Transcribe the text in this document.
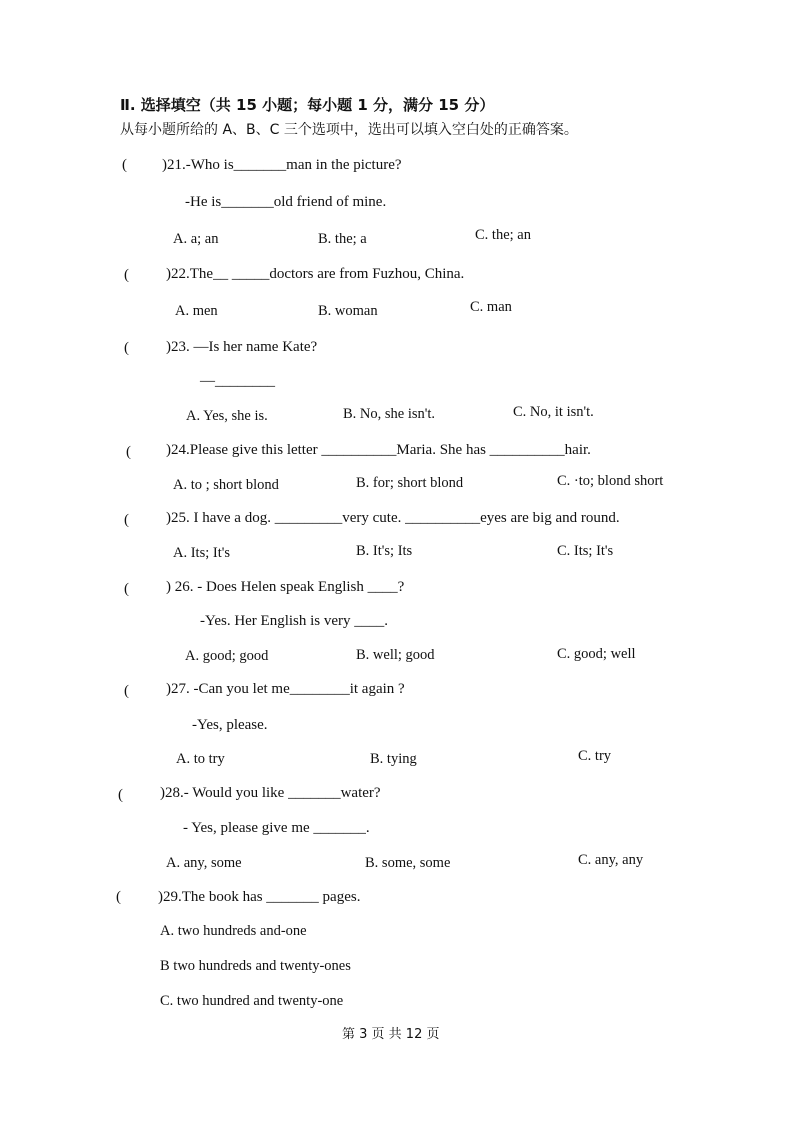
Ⅱ. 选择填空（共 15 小题；每小题 1 分，满分 15 分）
从每小题所给的 A、B、C 三个选项中，选出可以填入空白处的正确答案。
( )21.-Who is_______man in the picture?
-He is_______old friend of mine.
A. a; an	B. the; a	C. the; an
( )22.The__ _____doctors are from Fuzhou, China.
A. men	B. woman	C. man
( )23. —Is her name Kate?
—________
A. Yes, she is.	B. No, she isn't.	C. No, it isn't.
( )24.Please give this letter __________Maria. She has __________hair.
A. to ; short blond	B. for; short blond	C. ·to; blond short
( )25. I have a dog. _________very cute. __________eyes are big and round.
A. Its; It's	B. It's; Its	C. Its; It's
( ) 26. - Does Helen speak English ____?
-Yes. Her English is very ____.
A. good; good	B. well; good	C. good; well
( )27. -Can you let me________it again ?
-Yes, please.
A. to try	B. tying	C. try
( )28.- Would you like _______water?
- Yes, please give me _______.
A. any, some	B. some, some	C. any, any
( )29.The book has _______ pages.
A. two hundreds and-one
B two hundreds and twenty-ones
C. two hundred and twenty-one
第 3 页 共 12 页
